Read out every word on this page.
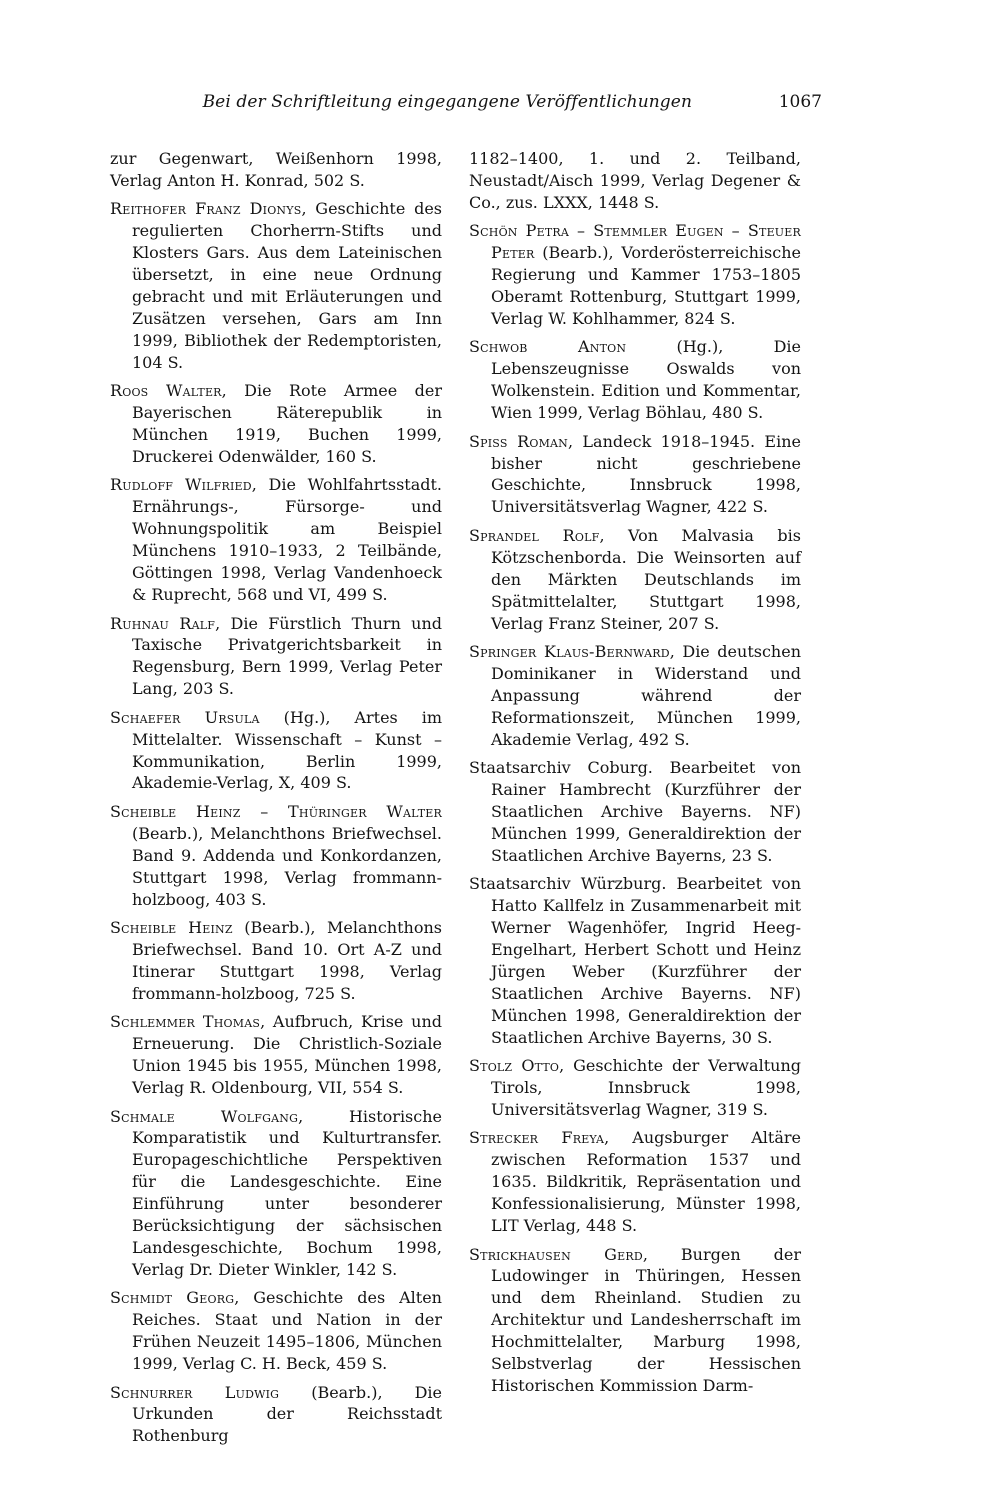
Bei der Schriftleitung eingegangene Veröffentlichungen	1067

zur Gegenwart, Weißenhorn 1998, Verlag Anton H. Konrad, 502 S.

Reithofer Franz Dionys, Geschichte des regulierten Chorherrn-Stifts und Klosters Gars. Aus dem Lateinischen übersetzt, in eine neue Ordnung gebracht und mit Erläuterungen und Zusätzen versehen, Gars am Inn 1999, Bibliothek der Redemptoristen, 104 S.

Roos Walter, Die Rote Armee der Bayerischen Räterepublik in München 1919, Buchen 1999, Druckerei Odenwälder, 160 S.

Rudloff Wilfried, Die Wohlfahrtsstadt. Ernährungs-, Fürsorge- und Wohnungspolitik am Beispiel Münchens 1910–1933, 2 Teilbände, Göttingen 1998, Verlag Vandenhoeck & Ruprecht, 568 und VI, 499 S.

Ruhnau Ralf, Die Fürstlich Thurn und Taxische Privatgerichtsbarkeit in Regensburg, Bern 1999, Verlag Peter Lang, 203 S.

Schaefer Ursula (Hg.), Artes im Mittelalter. Wissenschaft – Kunst – Kommunikation, Berlin 1999, Akademie-Verlag, X, 409 S.

Scheible Heinz – Thüringer Walter (Bearb.), Melanchthons Briefwechsel. Band 9. Addenda und Konkordanzen, Stuttgart 1998, Verlag frommann-holzboog, 403 S.

Scheible Heinz (Bearb.), Melanchthons Briefwechsel. Band 10. Ort A-Z und Itinerar Stuttgart 1998, Verlag frommann-holzboog, 725 S.

Schlemmer Thomas, Aufbruch, Krise und Erneuerung. Die Christlich-Soziale Union 1945 bis 1955, München 1998, Verlag R. Oldenbourg, VII, 554 S.

Schmale Wolfgang, Historische Komparatistik und Kulturtransfer. Europageschichtliche Perspektiven für die Landesgeschichte. Eine Einführung unter besonderer Berücksichtigung der sächsischen Landesgeschichte, Bochum 1998, Verlag Dr. Dieter Winkler, 142 S.

Schmidt Georg, Geschichte des Alten Reiches. Staat und Nation in der Frühen Neuzeit 1495–1806, München 1999, Verlag C. H. Beck, 459 S.

Schnurrer Ludwig (Bearb.), Die Urkunden der Reichsstadt Rothenburg

1182–1400, 1. und 2. Teilband, Neustadt/Aisch 1999, Verlag Degener & Co., zus. LXXX, 1448 S.

Schön Petra – Stemmler Eugen – Steuer Peter (Bearb.), Vorderösterreichische Regierung und Kammer 1753–1805 Oberamt Rottenburg, Stuttgart 1999, Verlag W. Kohlhammer, 824 S.

Schwob Anton (Hg.), Die Lebenszeugnisse Oswalds von Wolkenstein. Edition und Kommentar, Wien 1999, Verlag Böhlau, 480 S.

Spiss Roman, Landeck 1918–1945. Eine bisher nicht geschriebene Geschichte, Innsbruck 1998, Universitätsverlag Wagner, 422 S.

Sprandel Rolf, Von Malvasia bis Kötzschenborda. Die Weinsorten auf den Märkten Deutschlands im Spätmittelalter, Stuttgart 1998, Verlag Franz Steiner, 207 S.

Springer Klaus-Bernward, Die deutschen Dominikaner in Widerstand und Anpassung während der Reformationszeit, München 1999, Akademie Verlag, 492 S.

Staatsarchiv Coburg. Bearbeitet von Rainer Hambrecht (Kurzführer der Staatlichen Archive Bayerns. NF) München 1999, Generaldirektion der Staatlichen Archive Bayerns, 23 S.

Staatsarchiv Würzburg. Bearbeitet von Hatto Kallfelz in Zusammenarbeit mit Werner Wagenhöfer, Ingrid Heeg-Engelhart, Herbert Schott und Heinz Jürgen Weber (Kurzführer der Staatlichen Archive Bayerns. NF) München 1998, Generaldirektion der Staatlichen Archive Bayerns, 30 S.

Stolz Otto, Geschichte der Verwaltung Tirols, Innsbruck 1998, Universitätsverlag Wagner, 319 S.

Strecker Freya, Augsburger Altäre zwischen Reformation 1537 und 1635. Bildkritik, Repräsentation und Konfessionalisierung, Münster 1998, LIT Verlag, 448 S.

Strickhausen Gerd, Burgen der Ludowinger in Thüringen, Hessen und dem Rheinland. Studien zu Architektur und Landesherrschaft im Hochmittelalter, Marburg 1998, Selbstverlag der Hessischen Historischen Kommission Darm-
